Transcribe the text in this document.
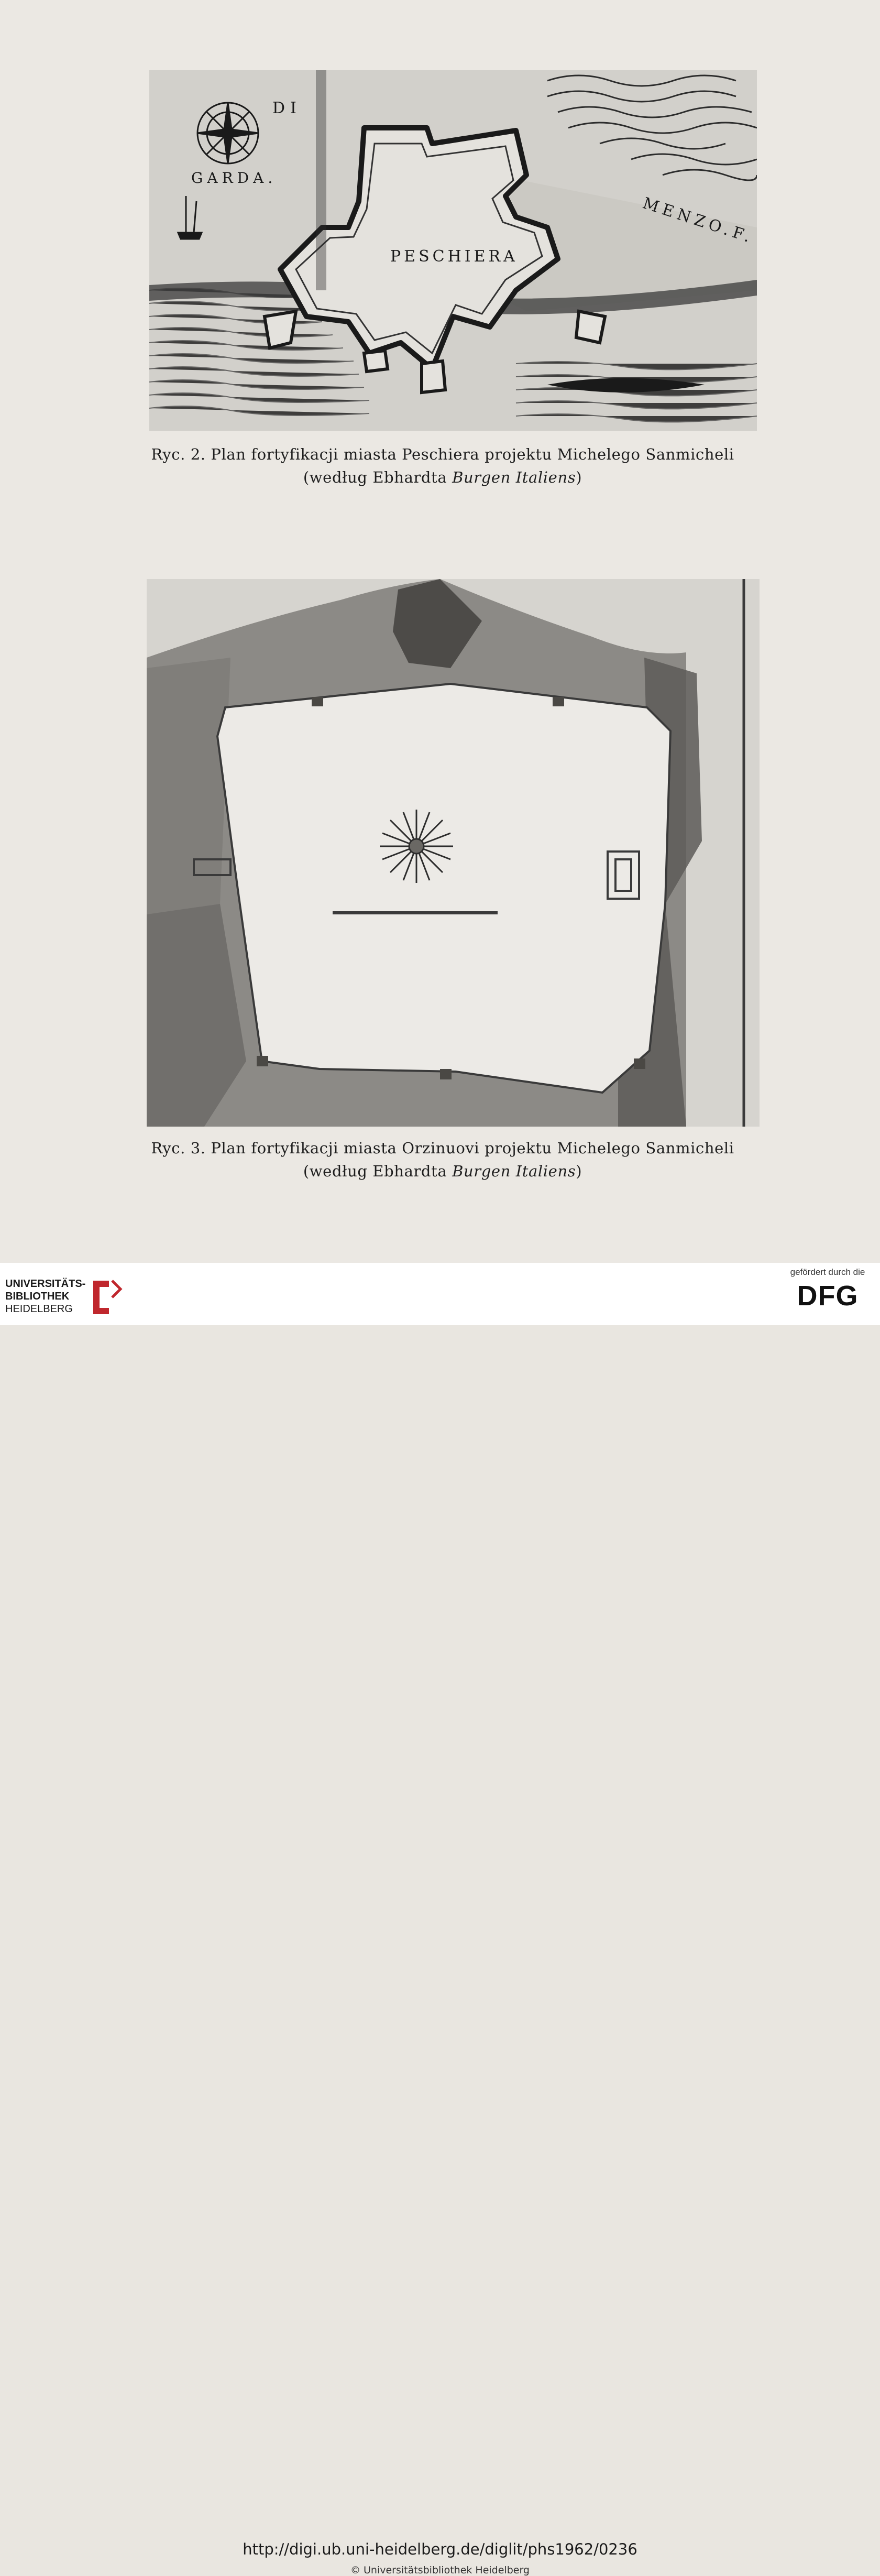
DI
GARDA.
MENZO.F.
PESCHIERA
Ryc. 2. Plan fortyfikacji miasta Peschiera projektu Michelego Sanmicheli
(według Ebhardta Burgen Italiens)
Ryc. 3. Plan fortyfikacji miasta Orzinuovi projektu Michelego Sanmicheli
(według Ebhardta Burgen Italiens)
UNIVERSITÄTS-
BIBLIOTHEK
HEIDELBERG
http://digi.ub.uni-heidelberg.de/diglit/phs1962/0236
© Universitätsbibliothek Heidelberg
gefördert durch die
DFG
